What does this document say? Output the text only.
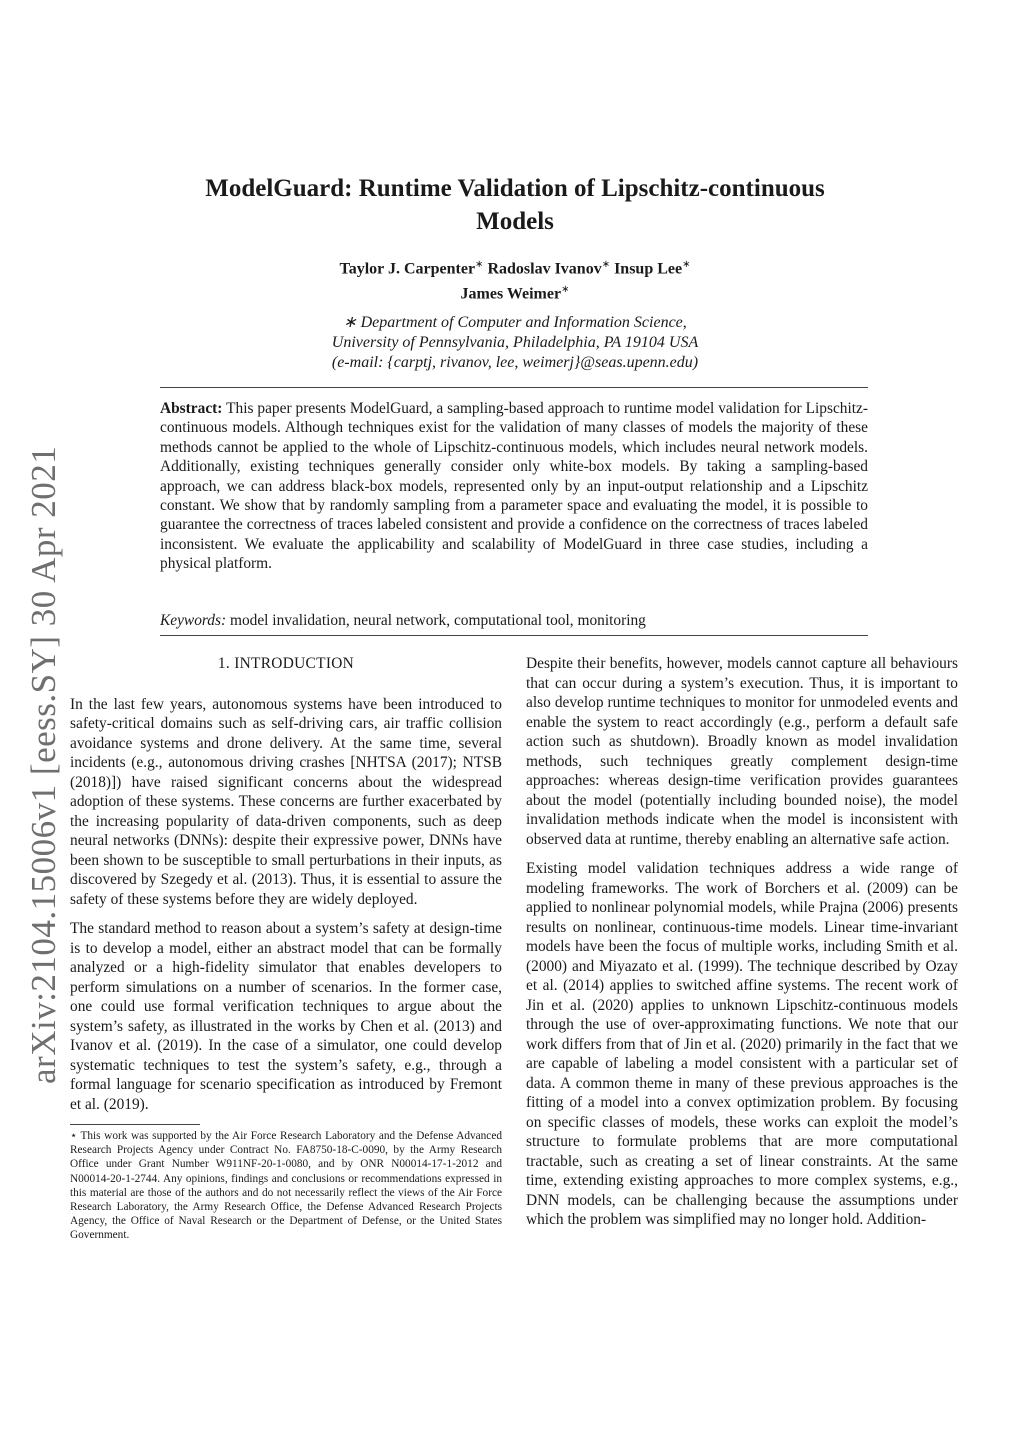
arXiv:2104.15006v1 [eess.SY] 30 Apr 2021
ModelGuard: Runtime Validation of Lipschitz-continuous Models
Taylor J. Carpenter∗ Radoslav Ivanov∗ Insup Lee∗
James Weimer∗
∗ Department of Computer and Information Science,
University of Pennsylvania, Philadelphia, PA 19104 USA
(e-mail: {carptj, rivanov, lee, weimerj}@seas.upenn.edu)

Abstract: This paper presents ModelGuard, a sampling-based approach to runtime model validation for Lipschitz-continuous models. Although techniques exist for the validation of many classes of models the majority of these methods cannot be applied to the whole of Lipschitz-continuous models, which includes neural network models. Additionally, existing techniques generally consider only white-box models. By taking a sampling-based approach, we can address black-box models, represented only by an input-output relationship and a Lipschitz constant. We show that by randomly sampling from a parameter space and evaluating the model, it is possible to guarantee the correctness of traces labeled consistent and provide a confidence on the correctness of traces labeled inconsistent. We evaluate the applicability and scalability of ModelGuard in three case studies, including a physical platform.

Keywords: model invalidation, neural network, computational tool, monitoring
1. INTRODUCTION

In the last few years, autonomous systems have been introduced to safety-critical domains such as self-driving cars, air traffic collision avoidance systems and drone delivery. At the same time, several incidents (e.g., autonomous driving crashes [NHTSA (2017); NTSB (2018)]) have raised significant concerns about the widespread adoption of these systems. These concerns are further exacerbated by the increasing popularity of data-driven components, such as deep neural networks (DNNs): despite their expressive power, DNNs have been shown to be susceptible to small perturbations in their inputs, as discovered by Szegedy et al. (2013). Thus, it is essential to assure the safety of these systems before they are widely deployed.

The standard method to reason about a system’s safety at design-time is to develop a model, either an abstract model that can be formally analyzed or a high-fidelity simulator that enables developers to perform simulations on a number of scenarios. In the former case, one could use formal verification techniques to argue about the system’s safety, as illustrated in the works by Chen et al. (2013) and Ivanov et al. (2019). In the case of a simulator, one could develop systematic techniques to test the system’s safety, e.g., through a formal language for scenario specification as introduced by Fremont et al. (2019).

⋆ This work was supported by the Air Force Research Laboratory and the Defense Advanced Research Projects Agency under Contract No. FA8750-18-C-0090, by the Army Research Office under Grant Number W911NF-20-1-0080, and by ONR N00014-17-1-2012 and N00014-20-1-2744. Any opinions, findings and conclusions or recommendations expressed in this material are those of the authors and do not necessarily reflect the views of the Air Force Research Laboratory, the Army Research Office, the Defense Advanced Research Projects Agency, the Office of Naval Research or the Department of Defense, or the United States Government.

Despite their benefits, however, models cannot capture all behaviours that can occur during a system’s execution. Thus, it is important to also develop runtime techniques to monitor for unmodeled events and enable the system to react accordingly (e.g., perform a default safe action such as shutdown). Broadly known as model invalidation methods, such techniques greatly complement design-time approaches: whereas design-time verification provides guarantees about the model (potentially including bounded noise), the model invalidation methods indicate when the model is inconsistent with observed data at runtime, thereby enabling an alternative safe action.

Existing model validation techniques address a wide range of modeling frameworks. The work of Borchers et al. (2009) can be applied to nonlinear polynomial models, while Prajna (2006) presents results on nonlinear, continuous-time models. Linear time-invariant models have been the focus of multiple works, including Smith et al. (2000) and Miyazato et al. (1999). The technique described by Ozay et al. (2014) applies to switched affine systems. The recent work of Jin et al. (2020) applies to unknown Lipschitz-continuous models through the use of over-approximating functions. We note that our work differs from that of Jin et al. (2020) primarily in the fact that we are capable of labeling a model consistent with a particular set of data. A common theme in many of these previous approaches is the fitting of a model into a convex optimization problem. By focusing on specific classes of models, these works can exploit the model’s structure to formulate problems that are more computational tractable, such as creating a set of linear constraints. At the same time, extending existing approaches to more complex systems, e.g., DNN models, can be challenging because the assumptions under which the problem was simplified may no longer hold. Addition-
